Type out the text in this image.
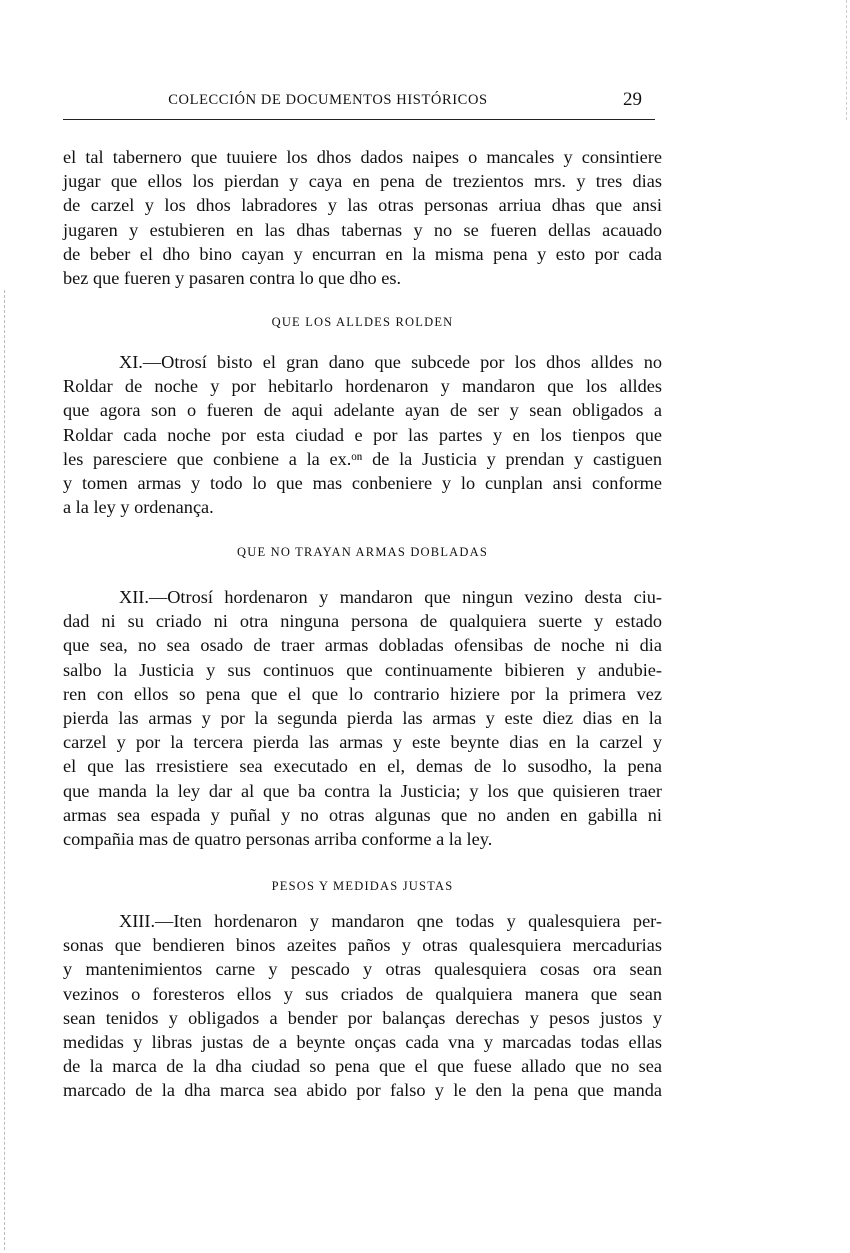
COLECCIÓN DE DOCUMENTOS HISTÓRICOS	29
el tal tabernero que tuuiere los dhos dados naipes o mancales y consintiere
jugar que ellos los pierdan y caya en pena de trezientos mrs. y tres dias
de carzel y los dhos labradores y las otras personas arriua dhas que ansi
jugaren y estubieren en las dhas tabernas y no se fueren dellas acauado
de beber el dho bino cayan y encurran en la misma pena y esto por cada
bez que fueren y pasaren contra lo que dho es.
QUE LOS ALLDES ROLDEN
XI.—Otrosí bisto el gran dano que subcede por los dhos alldes no
Roldar de noche y por hebitarlo hordenaron y mandaron que los alldes
que agora son o fueren de aqui adelante ayan de ser y sean obligados a
Roldar cada noche por esta ciudad e por las partes y en los tienpos que
les paresciere que conbiene a la ex.ᵒⁿ de la Justicia y prendan y castiguen
y tomen armas y todo lo que mas conbeniere y lo cunplan ansi conforme
a la ley y ordenança.
QUE NO TRAYAN ARMAS DOBLADAS
XII.—Otrosí hordenaron y mandaron que ningun vezino desta ciu-
dad ni su criado ni otra ninguna persona de qualquiera suerte y estado
que sea, no sea osado de traer armas dobladas ofensibas de noche ni dia
salbo la Justicia y sus continuos que continuamente bibieren y andubie-
ren con ellos so pena que el que lo contrario hiziere por la primera vez
pierda las armas y por la segunda pierda las armas y este diez dias en la
carzel y por la tercera pierda las armas y este beynte dias en la carzel y
el que las rresistiere sea executado en el, demas de lo susodho, la pena
que manda la ley dar al que ba contra la Justicia; y los que quisieren traer
armas sea espada y puñal y no otras algunas que no anden en gabilla ni
compañia mas de quatro personas arriba conforme a la ley.
PESOS Y MEDIDAS JUSTAS
XIII.—Iten hordenaron y mandaron qne todas y qualesquiera per-
sonas que bendieren binos azeites paños y otras qualesquiera mercadurias
y mantenimientos carne y pescado y otras qualesquiera cosas ora sean
vezinos o foresteros ellos y sus criados de qualquiera manera que sean
sean tenidos y obligados a bender por balanças derechas y pesos justos y
medidas y libras justas de a beynte onças cada vna y marcadas todas ellas
de la marca de la dha ciudad so pena que el que fuese allado que no sea
marcado de la dha marca sea abido por falso y le den la pena que manda
